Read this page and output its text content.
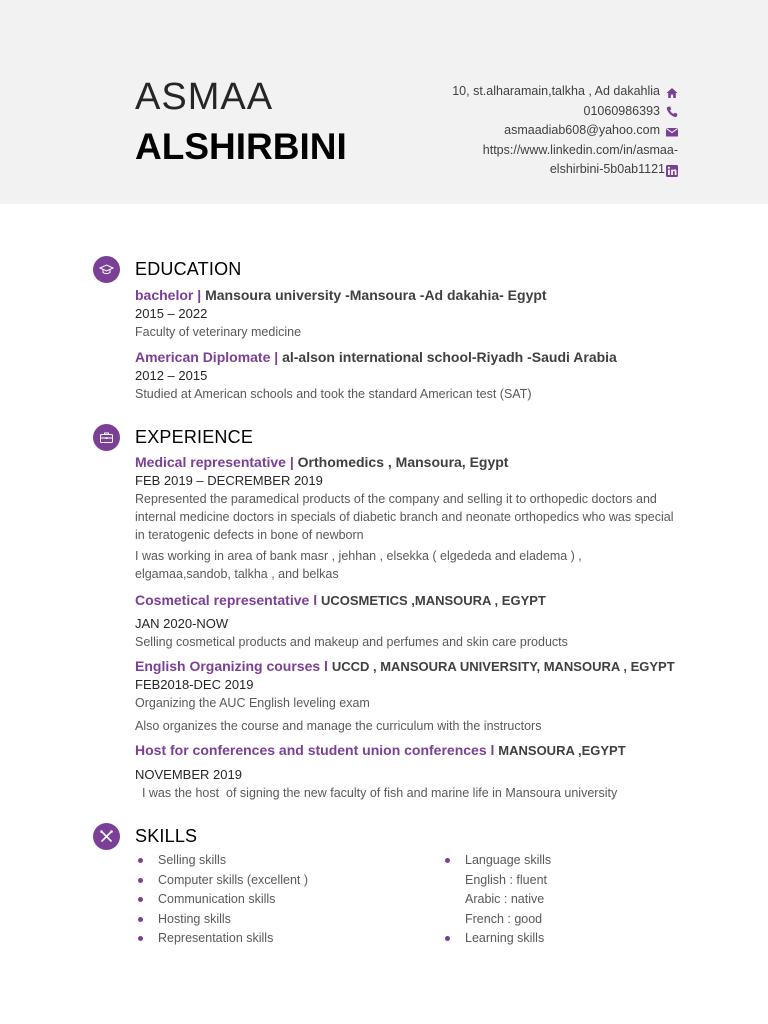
ASMAA
ALSHIRBINI
10, st.alharamain,talkha , Ad dakahlia
01060986393
asmaadiab608@yahoo.com
https://www.linkedin.com/in/asmaa-
elshirbini-5b0ab1121
EDUCATION
bachelor | Mansoura university -Mansoura -Ad dakahia- Egypt
2015 – 2022
Faculty of veterinary medicine
American Diplomate | al-alson international school-Riyadh -Saudi Arabia
2012 – 2015
Studied at American schools and took the standard American test (SAT)
EXPERIENCE
Medical representative | Orthomedics , Mansoura, Egypt
FEB 2019 – DECREMBER 2019
Represented the paramedical products of the company and selling it to orthopedic doctors and internal medicine doctors in specials of diabetic branch and neonate orthopedics who was special in teratogenic defects in bone of newborn
I was working in area of bank masr , jehhan , elsekka ( elgededa and eladema ) , elgamaa,sandob, talkha , and belkas
Cosmetical representative l UCOSMETICS ,MANSOURA , EGYPT
JAN 2020-NOW
Selling cosmetical products and makeup and perfumes and skin care products
English Organizing courses l UCCD , MANSOURA UNIVERSITY, MANSOURA , EGYPT
FEB2018-DEC 2019
Organizing the AUC English leveling exam
Also organizes the course and manage the curriculum with the instructors
Host for conferences and student union conferences l MANSOURA ,EGYPT
NOVEMBER 2019
I was the host  of signing the new faculty of fish and marine life in Mansoura university
SKILLS
Selling skills
Computer skills (excellent )
Communication skills
Hosting skills
Representation skills
Language skills
English : fluent
Arabic : native
French : good
Learning skills
